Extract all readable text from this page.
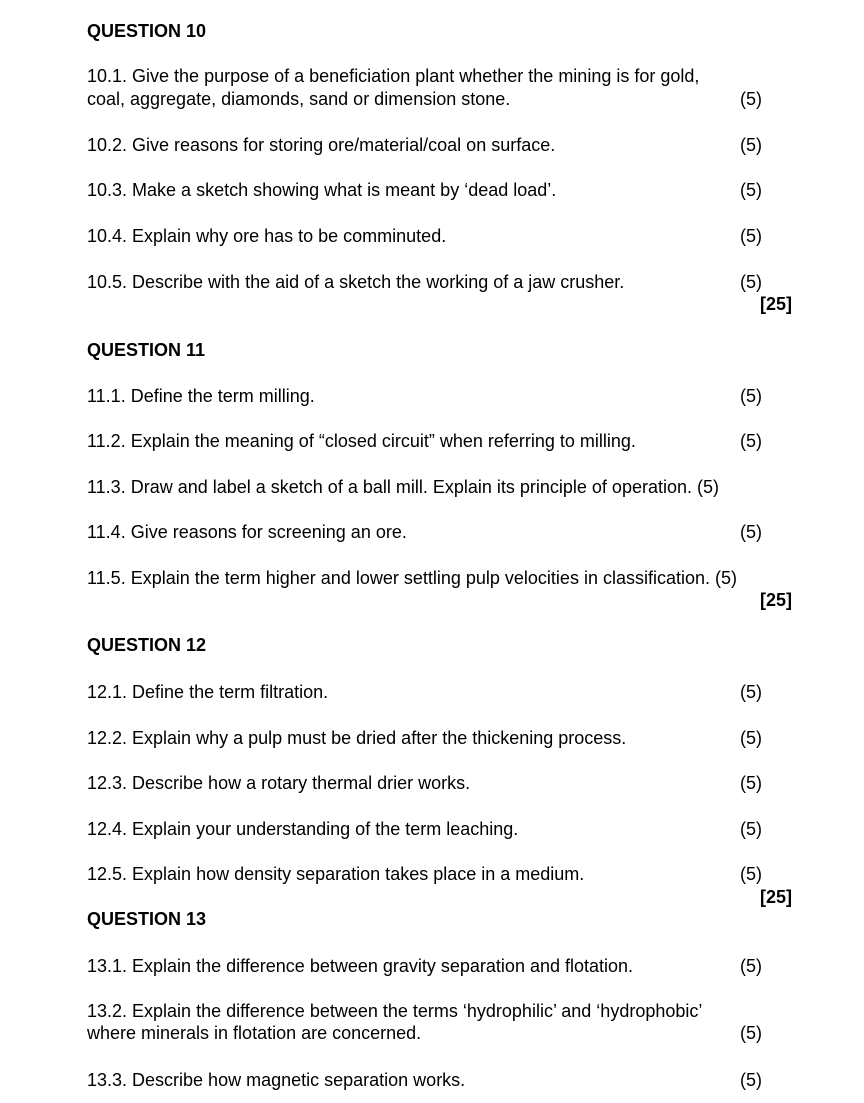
QUESTION 10
10.1. Give the purpose of a beneficiation plant whether the mining is for gold,
coal, aggregate, diamonds, sand or dimension stone.	(5)
10.2. Give reasons for storing ore/material/coal on surface.	(5)
10.3. Make a sketch showing what is meant by ‘dead load’.	(5)
10.4. Explain why ore has to be comminuted.	(5)
10.5. Describe with the aid of a sketch the working of a jaw crusher.	(5)
[25]
QUESTION 11
11.1. Define the term milling.	(5)
11.2. Explain the meaning of “closed circuit” when referring to milling.	(5)
11.3. Draw and label a sketch of a ball mill. Explain its principle of operation. (5)
11.4. Give reasons for screening an ore.	(5)
11.5. Explain the term higher and lower settling pulp velocities in classification. (5)
[25]
QUESTION 12
12.1. Define the term filtration.	(5)
12.2. Explain why a pulp must be dried after the thickening process.	(5)
12.3. Describe how a rotary thermal drier works.	(5)
12.4. Explain your understanding of the term leaching.	(5)
12.5. Explain how density separation takes place in a medium.	(5)
[25]
QUESTION 13
13.1. Explain the difference between gravity separation and flotation.	(5)
13.2. Explain the difference between the terms ‘hydrophilic’ and ‘hydrophobic’
where minerals in flotation are concerned.	(5)
13.3. Describe how magnetic separation works.	(5)
